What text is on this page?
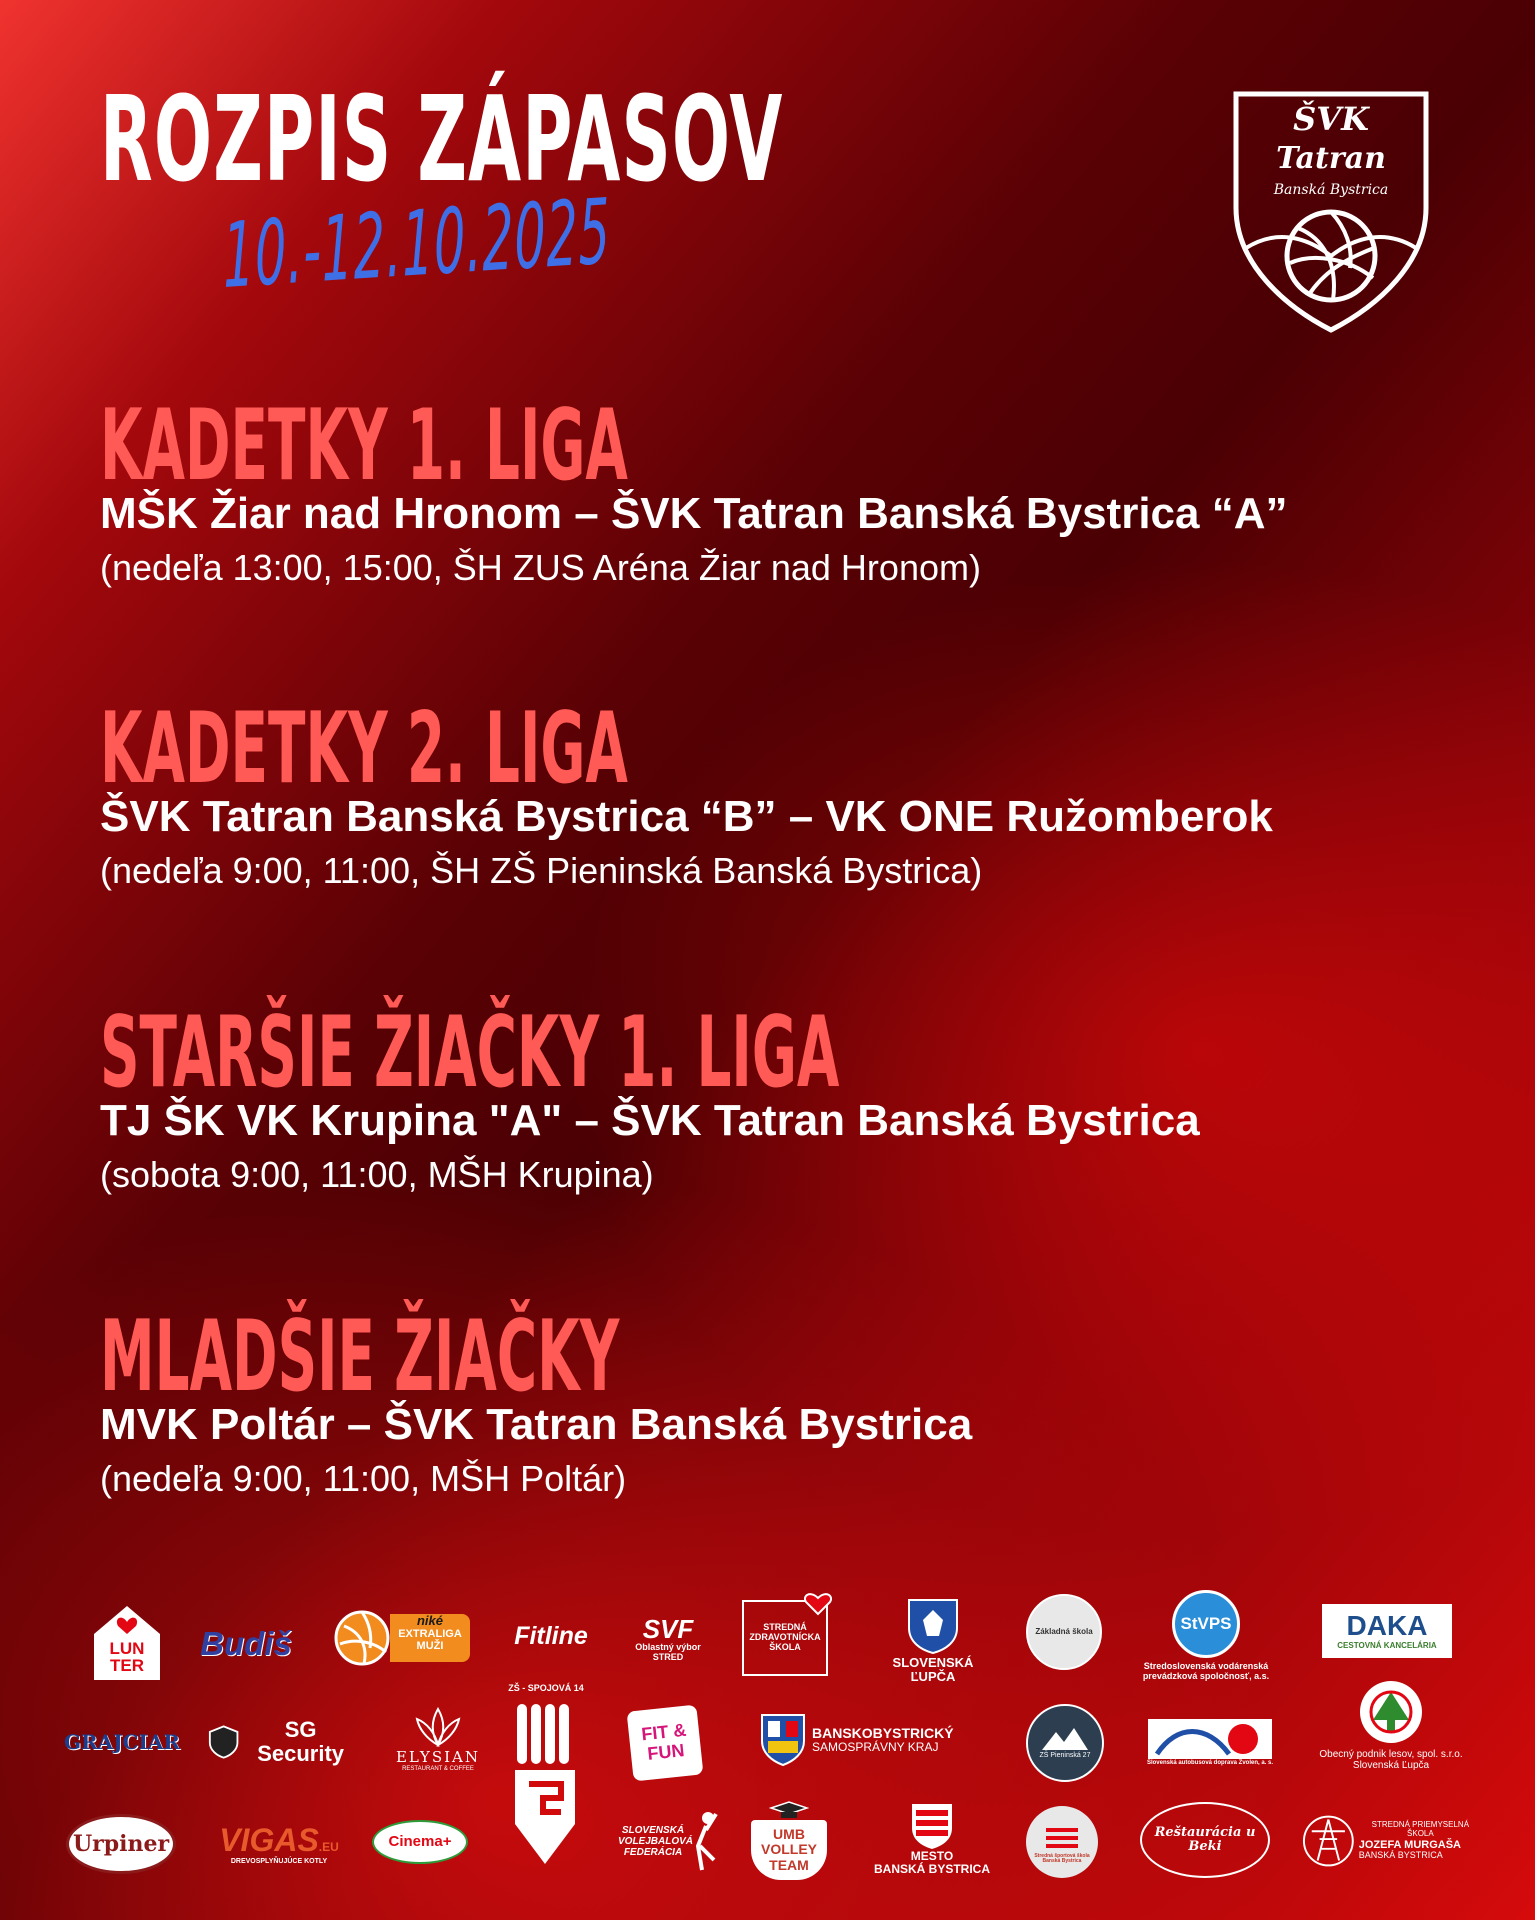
ROZPIS ZÁPASOV
10.-12.10.2025
ŠVK
Tatran
Banská Bystrica
KADETKY 1. LIGA
MŠK Žiar nad Hronom – ŠVK Tatran Banská Bystrica “A”
(nedeľa 13:00, 15:00, ŠH ZUS Aréna Žiar nad Hronom)
KADETKY 2. LIGA
ŠVK Tatran Banská Bystrica “B” – VK ONE Ružomberok
(nedeľa 9:00, 11:00, ŠH ZŠ Pieninská Banská Bystrica)
STARŠIE ŽIAČKY 1. LIGA
TJ ŠK VK Krupina "A" – ŠVK Tatran Banská Bystrica
(sobota 9:00, 11:00, MŠH Krupina)
MLADŠIE ŽIAČKY
MVK Poltár – ŠVK Tatran Banská Bystrica
(nedeľa 9:00, 11:00, MŠH Poltár)
LUN TER
Budiš
niké
EXTRALIGA
MUŽI	Fitline SVF
Oblastný výbor STRED
STREDNÁ ZDRAVOTNÍCKA ŠKOLA
SLOVENSKÁ ĽUPČA
Základná škola	StVPS
Stredoslovenská vodárenská prevádzková spoločnosť, a.s.
DAKA
CESTOVNÁ KANCELÁRIA
GRAJCIAR
SG Security	ELYSIAN
RESTAURANT & COFFEE
ZŠ - SPOJOVÁ 14
FIT & FUN
BANSKOBYSTRICKÝ
SAMOSPRÁVNY KRAJ
ZŠ Pieninská 27
Slovenská autobusová doprava Zvolen, a. s.
Obecný podnik lesov, spol. s.r.o. Slovenská Ľupča
Urpiner VIGAS .EU
DREVOSPLYŇUJÚCE KOTLY
Cinema+
SLOVENSKÁ VOLEJBALOVÁ FEDERÁCIA
UMB VOLLEY TEAM
MESTO
BANSKÁ BYSTRICA
Stredná športová škola Banská Bystrica
Reštaurácia u Beki
STREDNÁ PRIEMYSELNÁ ŠKOLA
JOZEFA MURGAŠA
BANSKÁ BYSTRICA
